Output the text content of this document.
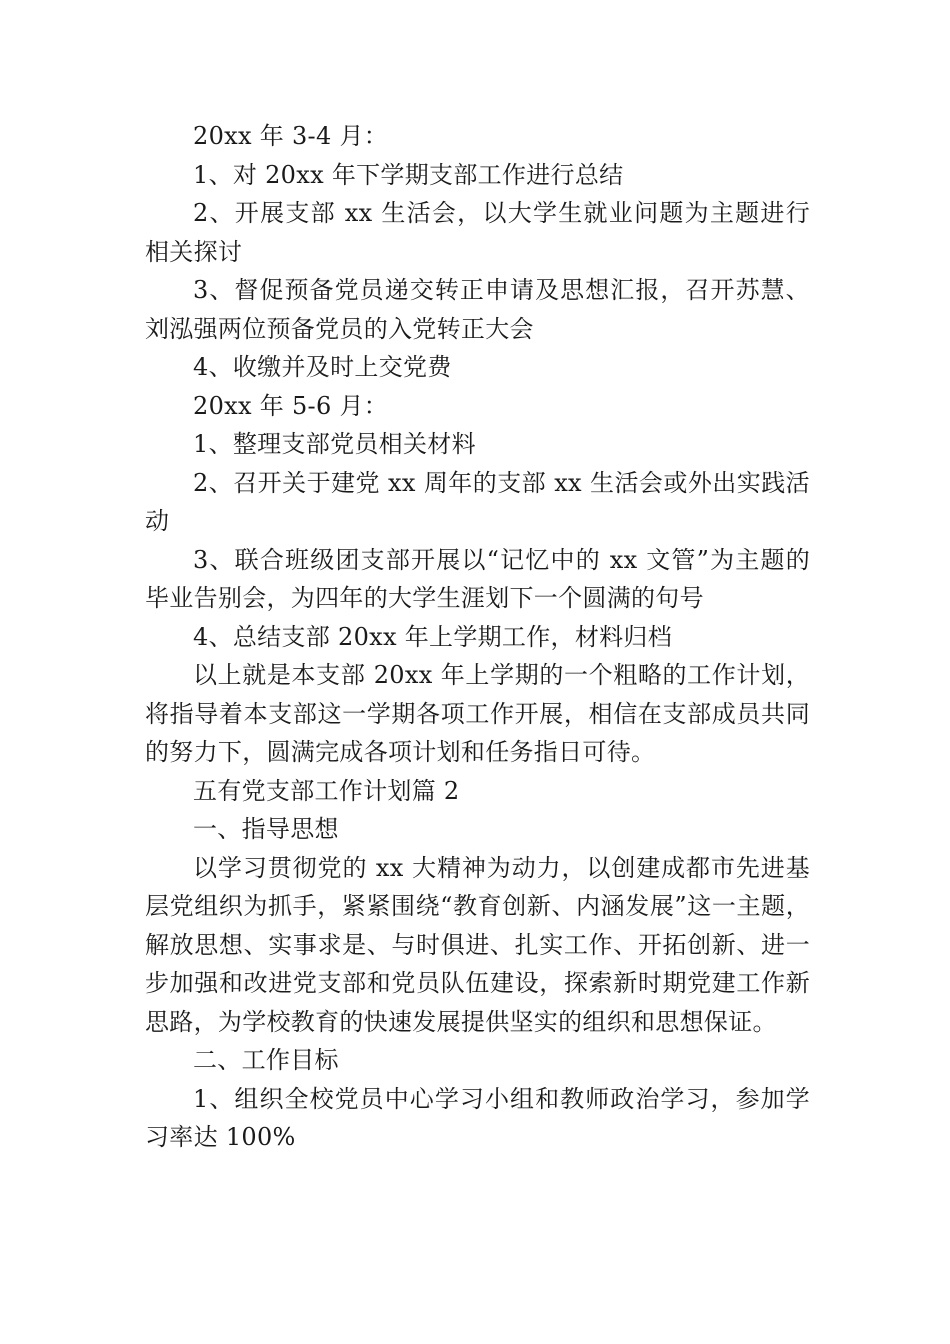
20xx 年 3-4 月：

1、对 20xx 年下学期支部工作进行总结

2、开展支部 xx 生活会，以大学生就业问题为主题进行相关探讨

3、督促预备党员递交转正申请及思想汇报，召开苏慧、刘泓强两位预备党员的入党转正大会

4、收缴并及时上交党费

20xx 年 5-6 月：

1、整理支部党员相关材料

2、召开关于建党 xx 周年的支部 xx 生活会或外出实践活动

3、联合班级团支部开展以“记忆中的 xx 文管”为主题的毕业告别会，为四年的大学生涯划下一个圆满的句号

4、总结支部 20xx 年上学期工作，材料归档

以上就是本支部 20xx 年上学期的一个粗略的工作计划，将指导着本支部这一学期各项工作开展，相信在支部成员共同的努力下，圆满完成各项计划和任务指日可待。

五有党支部工作计划篇 2

一、指导思想

以学习贯彻党的 xx 大精神为动力，以创建成都市先进基层党组织为抓手，紧紧围绕“教育创新、内涵发展”这一主题，解放思想、实事求是、与时俱进、扎实工作、开拓创新、进一步加强和改进党支部和党员队伍建设，探索新时期党建工作新思路，为学校教育的快速发展提供坚实的组织和思想保证。

二、工作目标

1、组织全校党员中心学习小组和教师政治学习，参加学习率达 100%
